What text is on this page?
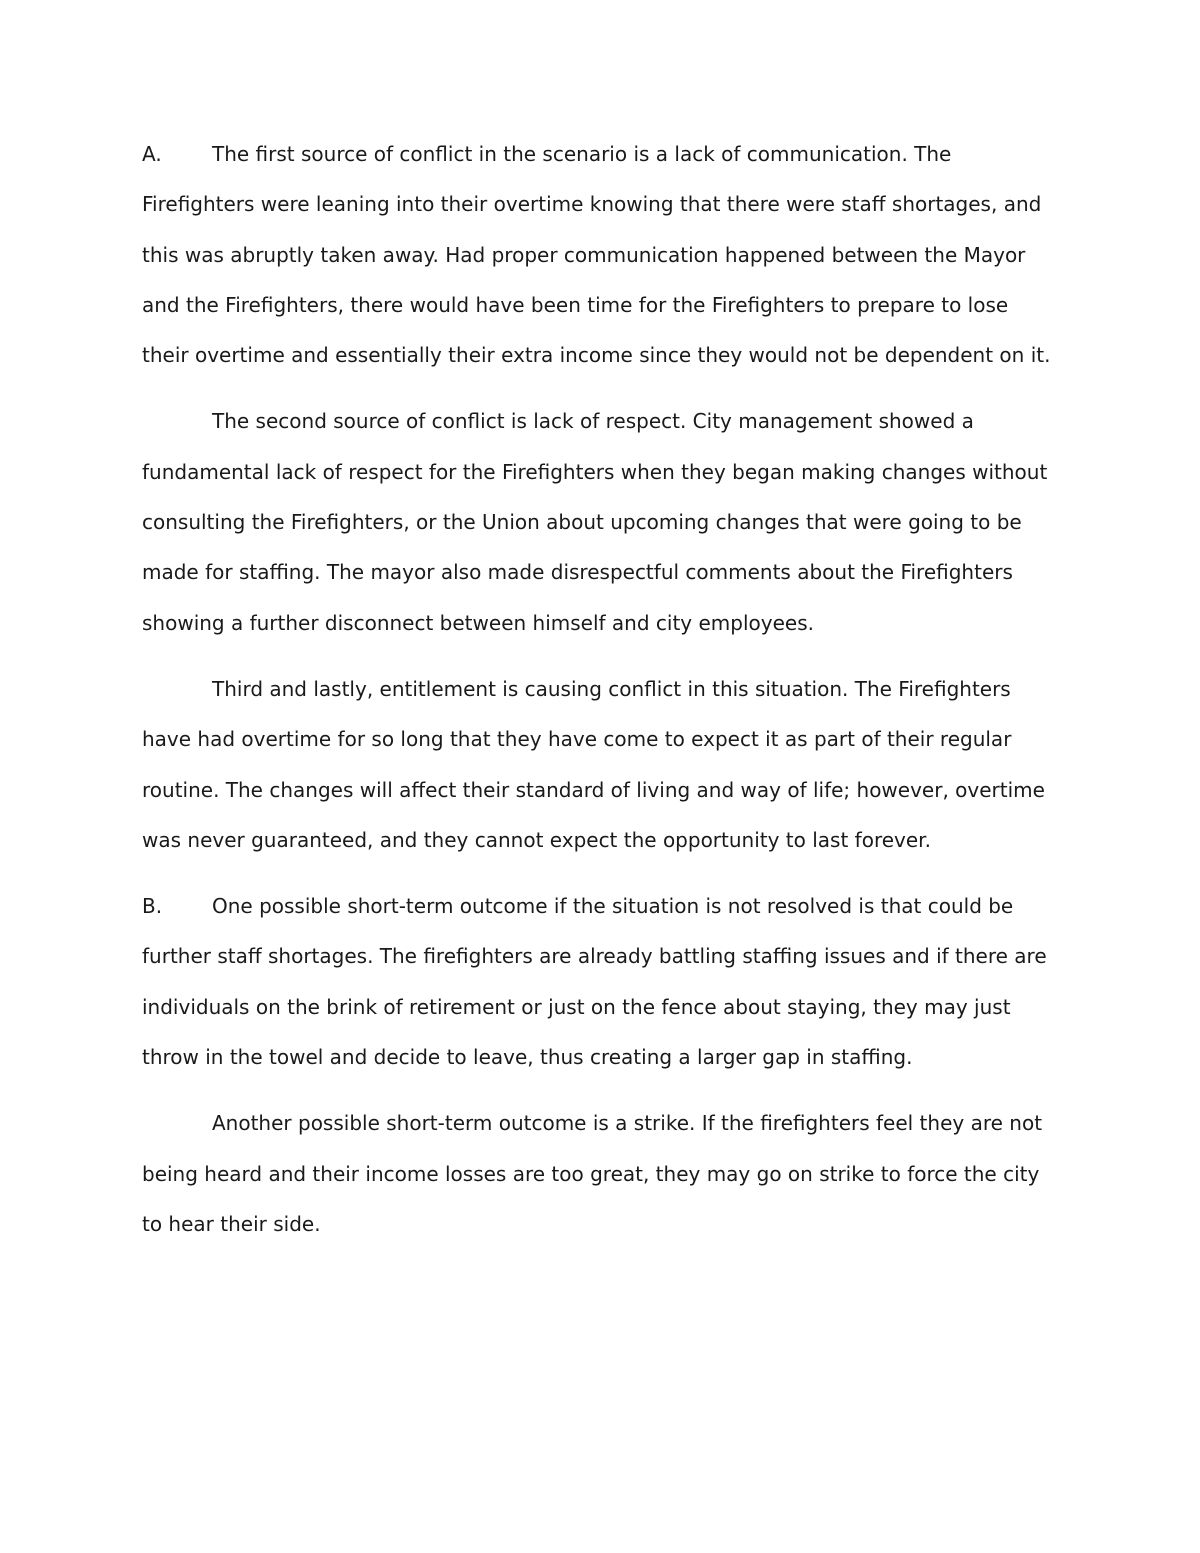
A.	The first source of conflict in the scenario is a lack of communication. The Firefighters were leaning into their overtime knowing that there were staff shortages, and this was abruptly taken away. Had proper communication happened between the Mayor and the Firefighters, there would have been time for the Firefighters to prepare to lose their overtime and essentially their extra income since they would not be dependent on it.

The second source of conflict is lack of respect. City management showed a fundamental lack of respect for the Firefighters when they began making changes without consulting the Firefighters, or the Union about upcoming changes that were going to be made for staffing. The mayor also made disrespectful comments about the Firefighters showing a further disconnect between himself and city employees.

Third and lastly, entitlement is causing conflict in this situation. The Firefighters have had overtime for so long that they have come to expect it as part of their regular routine. The changes will affect their standard of living and way of life; however, overtime was never guaranteed, and they cannot expect the opportunity to last forever.

B. One possible short-term outcome if the situation is not resolved is that could be further staff shortages. The firefighters are already battling staffing issues and if there are individuals on the brink of retirement or just on the fence about staying, they may just throw in the towel and decide to leave, thus creating a larger gap in staffing.

Another possible short-term outcome is a strike. If the firefighters feel they are not being heard and their income losses are too great, they may go on strike to force the city to hear their side.
